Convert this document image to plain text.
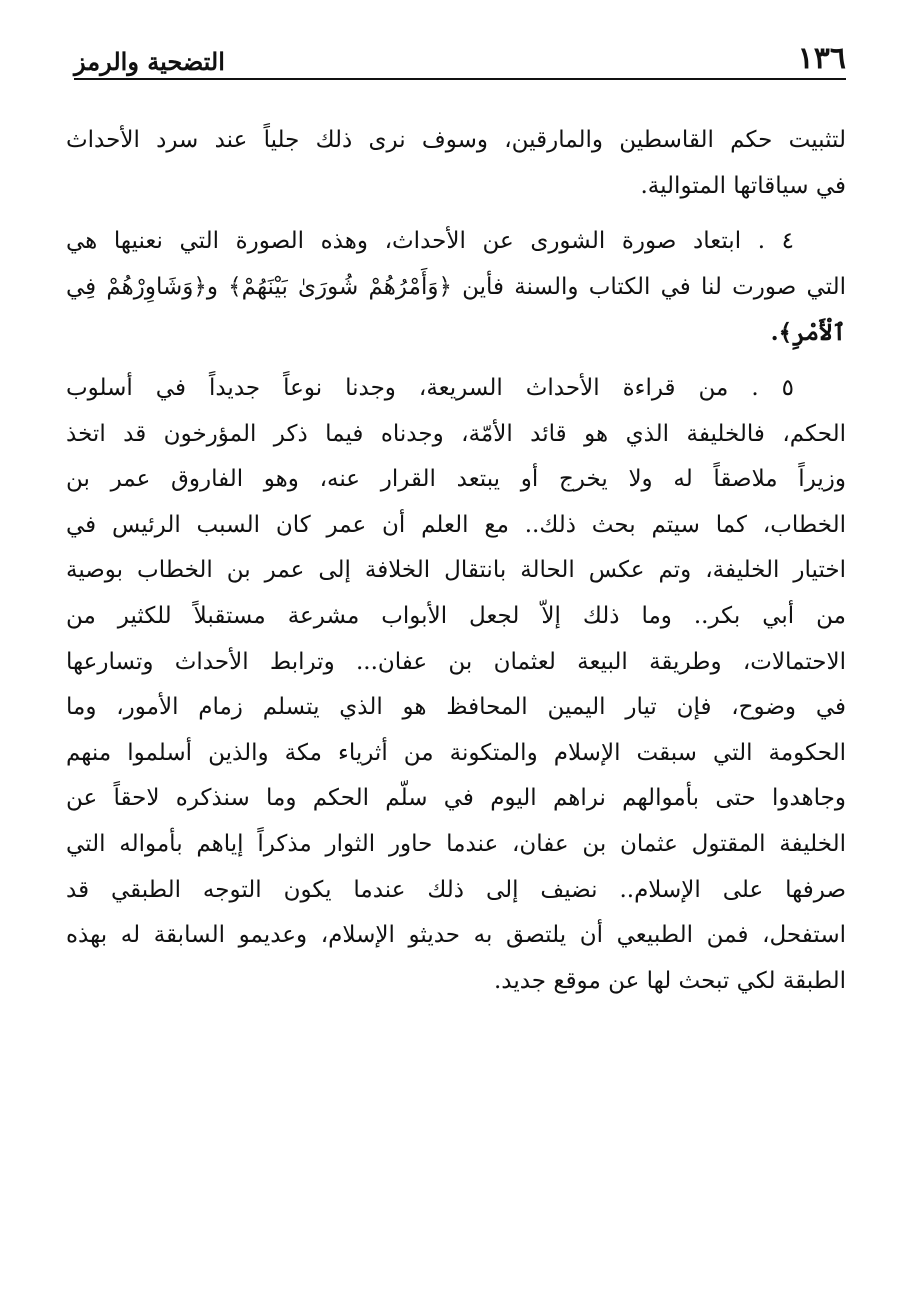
١٣٦
التضحية والرمز

لتثبيت حكم القاسطين والمارقين، وسوف نرى ذلك جلياً عند سرد الأحداث
في سياقاتها المتوالية.

٤ . ابتعاد صورة الشورى عن الأحداث، وهذه الصورة التي نعنيها هي
التي صورت لنا في الكتاب والسنة فأين ﴿وَأَمْرُهُمْ شُورَىٰ بَيْنَهُمْ﴾ و﴿وَشَاوِرْهُمْ فِي
ٱلْأَمْرِ﴾.

٥ . من قراءة الأحداث السريعة، وجدنا نوعاً جديداً في أسلوب
الحكم، فالخليفة الذي هو قائد الأمّة، وجدناه فيما ذكر المؤرخون قد اتخذ
وزيراً ملاصقاً له ولا يخرج أو يبتعد القرار عنه، وهو الفاروق عمر بن
الخطاب، كما سيتم بحث ذلك.. مع العلم أن عمر كان السبب الرئيس في
اختيار الخليفة، وتم عكس الحالة بانتقال الخلافة إلى عمر بن الخطاب بوصية
من أبي بكر.. وما ذلك إلاّ لجعل الأبواب مشرعة مستقبلاً للكثير من
الاحتمالات، وطريقة البيعة لعثمان بن عفان... وترابط الأحداث وتسارعها
في وضوح، فإن تيار اليمين المحافظ هو الذي يتسلم زمام الأمور، وما
الحكومة التي سبقت الإسلام والمتكونة من أثرياء مكة والذين أسلموا منهم
وجاهدوا حتى بأموالهم نراهم اليوم في سلّم الحكم وما سنذكره لاحقاً عن
الخليفة المقتول عثمان بن عفان، عندما حاور الثوار مذكراً إياهم بأمواله التي
صرفها على الإسلام.. نضيف إلى ذلك عندما يكون التوجه الطبقي قد
استفحل، فمن الطبيعي أن يلتصق به حديثو الإسلام، وعديمو السابقة له بهذه
الطبقة لكي تبحث لها عن موقع جديد.
